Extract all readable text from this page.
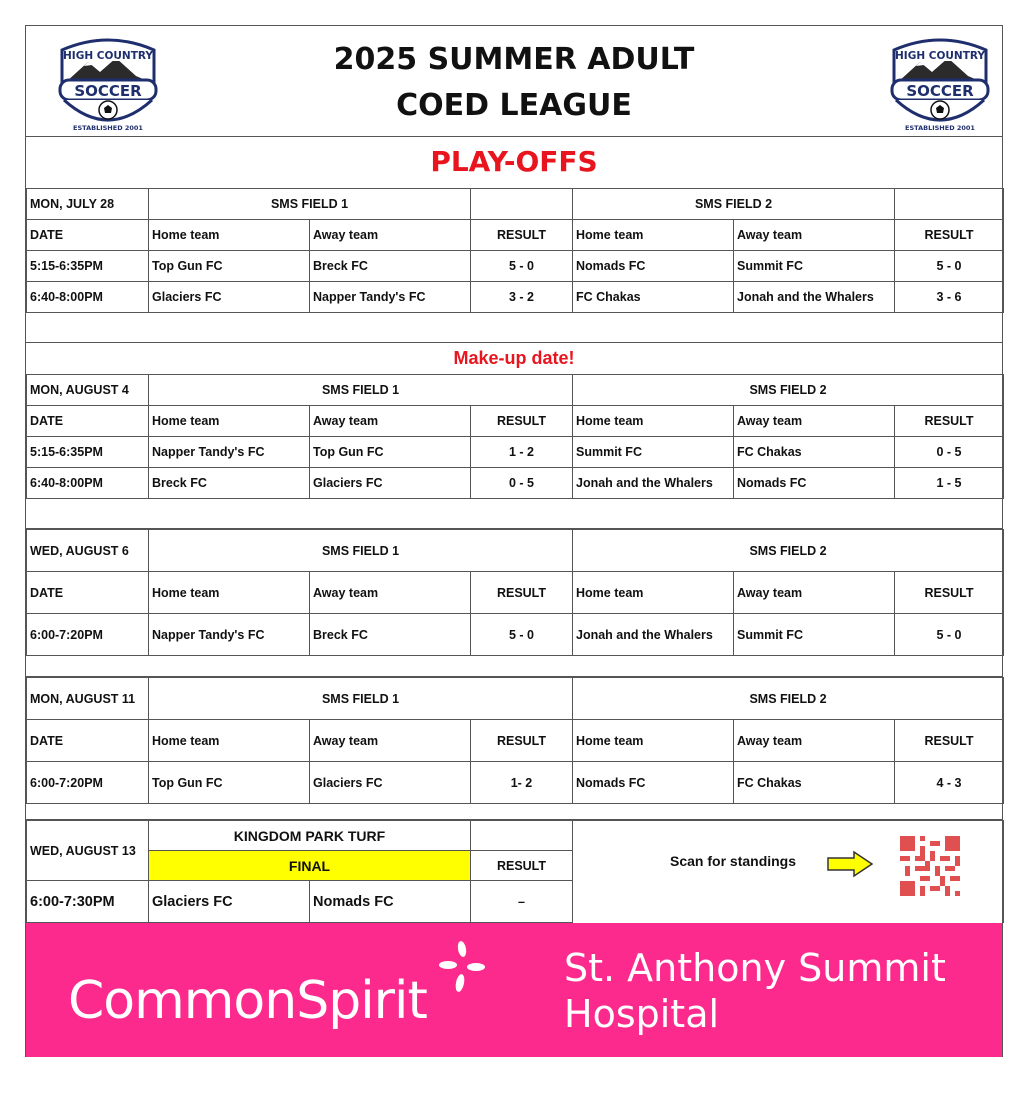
HIGH COUNTRY
SOCCER
ESTABLISHED 2001
2025 SUMMER ADULT
COED LEAGUE
HIGH COUNTRY
SOCCER
ESTABLISHED 2001
PLAY-OFFS
MON, JULY 28	SMS FIELD 1			SMS FIELD 2		
DATE	Home team	Away team	RESULT	Home team	Away team	RESULT
5:15-6:35PM	Top Gun FC	Breck FC	5 - 0	Nomads FC	Summit FC	5 - 0
6:40-8:00PM	Glaciers FC	Napper Tandy's FC	3 - 2	FC Chakas	Jonah and the Whalers	3 - 6
Make-up date!
MON, AUGUST 4	SMS FIELD 1			SMS FIELD 2		
DATE	Home team	Away team	RESULT	Home team	Away team	RESULT
5:15-6:35PM	Napper Tandy's FC	Top Gun FC	1 - 2	Summit FC	FC Chakas	0 - 5
6:40-8:00PM	Breck FC	Glaciers FC	0 - 5	Jonah and the Whalers	Nomads FC	1 - 5
WED, AUGUST 6	SMS FIELD 1			SMS FIELD 2		
DATE	Home team	Away team	RESULT	Home team	Away team	RESULT
6:00-7:20PM	Napper Tandy's FC	Breck FC	5 - 0	Jonah and the Whalers	Summit FC	5 - 0
MON, AUGUST 11	SMS FIELD 1			SMS FIELD 2		
DATE	Home team	Away team	RESULT	Home team	Away team	RESULT
6:00-7:20PM	Top Gun FC	Glaciers FC	1- 2	Nomads FC	FC Chakas	4 - 3
WED, AUGUST 13	KINGDOM PARK TURF			
	FINAL		RESULT	
6:00-7:30PM	Glaciers FC	Nomads FC	–	
Scan for standings
CommonSpirit
St. Anthony Summit
Hospital
